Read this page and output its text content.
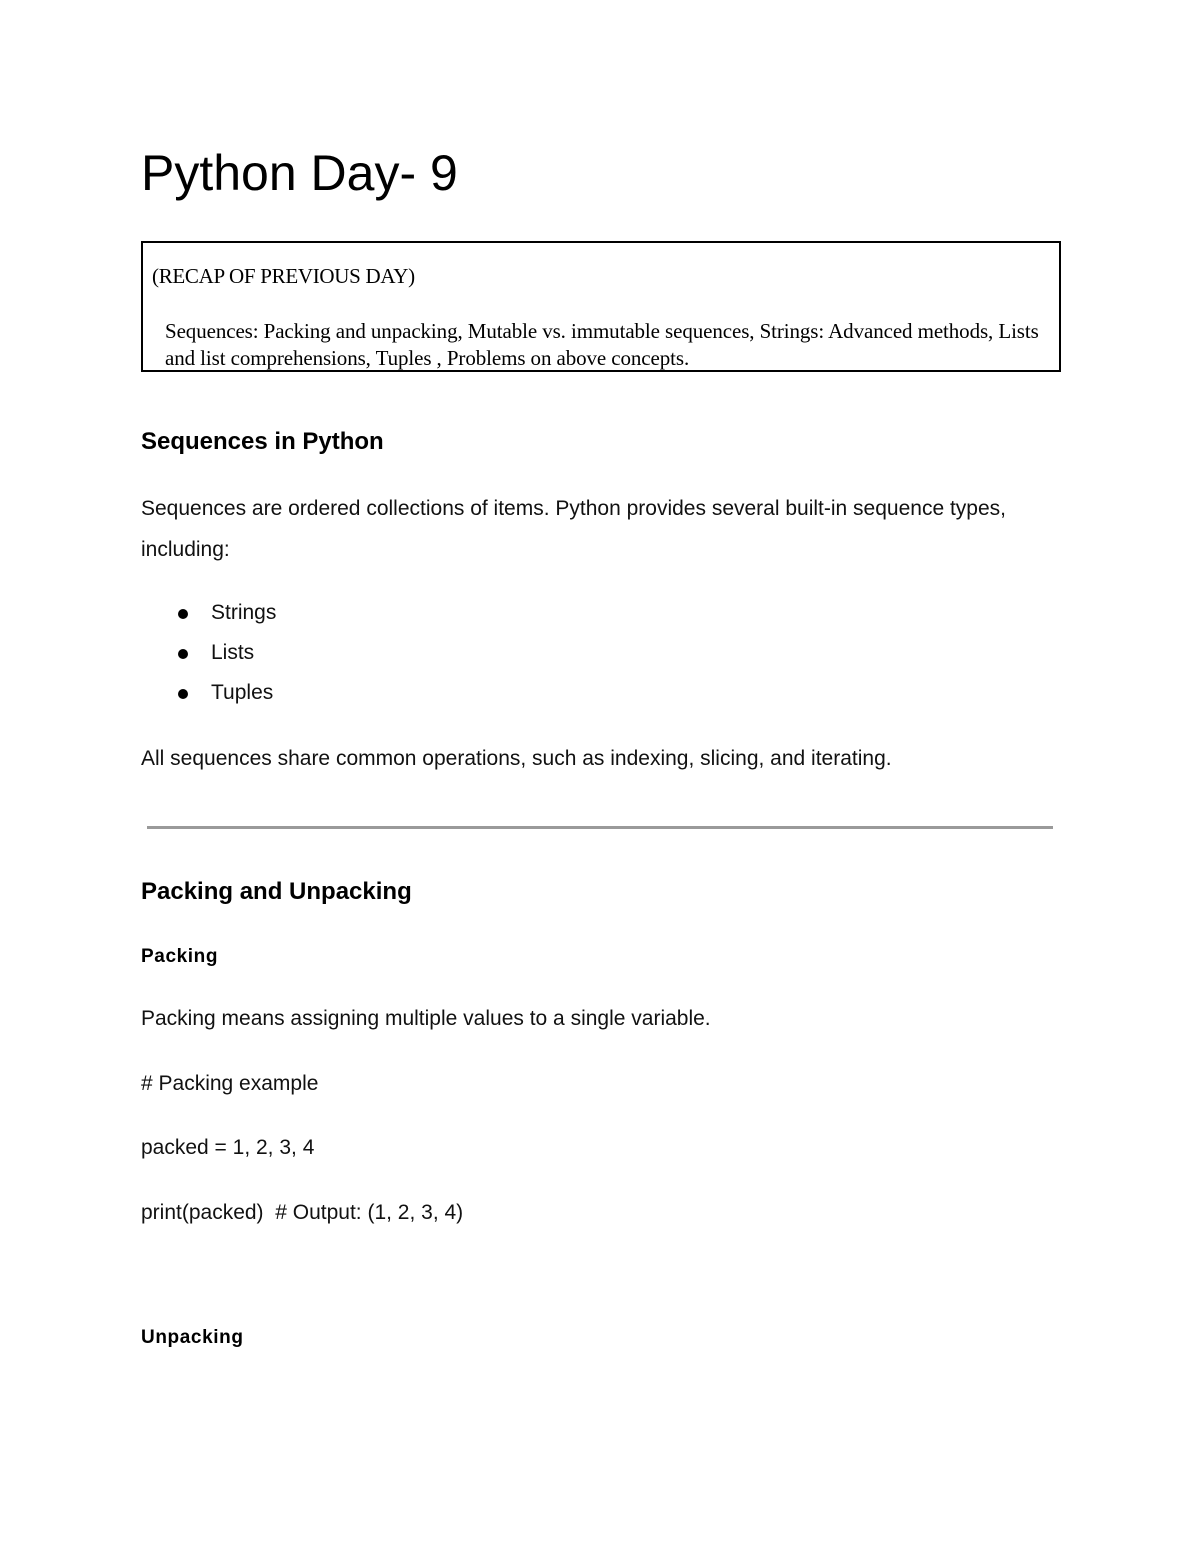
Python Day- 9

(RECAP OF PREVIOUS DAY)

Sequences: Packing and unpacking, Mutable vs. immutable sequences, Strings: Advanced methods, Lists and list comprehensions, Tuples , Problems on above concepts.

Sequences in Python

Sequences are ordered collections of items. Python provides several built-in sequence types, including:

Strings
Lists
Tuples

All sequences share common operations, such as indexing, slicing, and iterating.

Packing and Unpacking
Packing

Packing means assigning multiple values to a single variable.

# Packing example

packed = 1, 2, 3, 4

print(packed)  # Output: (1, 2, 3, 4)

Unpacking
